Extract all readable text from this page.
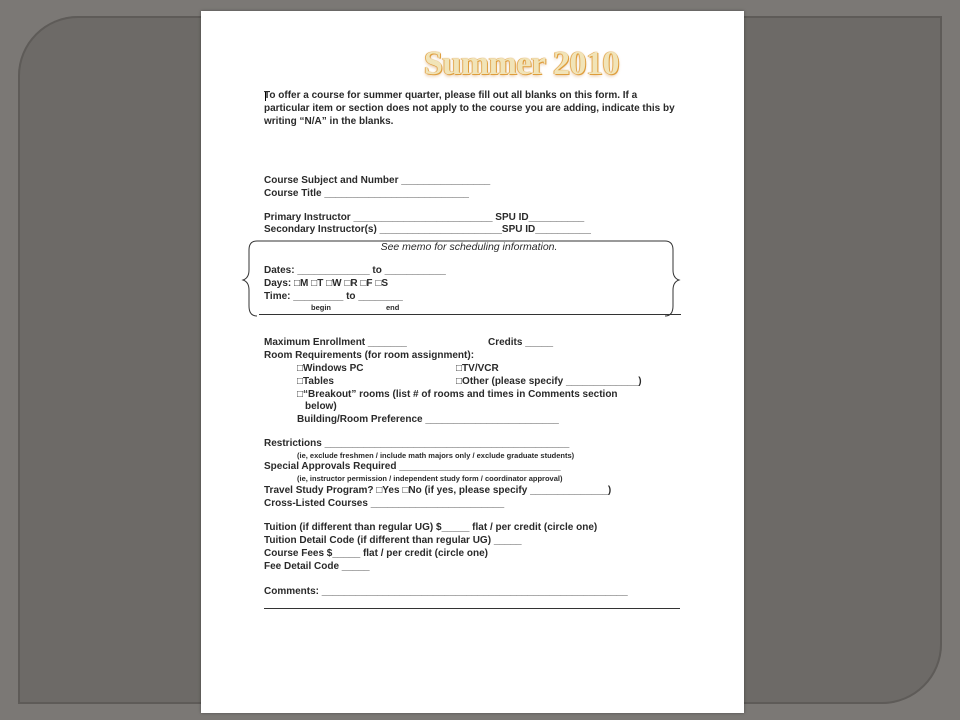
Summer 2010
To offer a course for summer quarter, please fill out all blanks on this form. If a particular item or section does not apply to the course you are adding, indicate this by writing “N/A” in the blanks.
Course Subject and Number ________________
Course Title __________________________
Primary Instructor _________________________ SPU ID__________
Secondary Instructor(s) ______________________SPU ID__________
See memo for scheduling information.
Dates: _____________ to ___________
Days: □M □T □W □R □F □S
Time: _________ to ________
begin	end
Maximum Enrollment _______	Credits _____
Room Requirements (for room assignment):
□Windows PC	□TV/VCR
□Tables	□Other (please specify _____________)
□“Breakout” rooms (list # of rooms and times in Comments section
below)
Building/Room Preference ________________________
Restrictions ____________________________________________
(ie, exclude freshmen / include math majors only / exclude graduate students)
Special Approvals Required _____________________________
(ie, instructor permission / independent study form / coordinator approval)
Travel Study Program? □Yes □No (if yes, please specify ______________)
Cross-Listed Courses ________________________
Tuition (if different than regular UG) $_____ flat / per credit (circle one)
Tuition Detail Code (if different than regular UG) _____
Course Fees $_____ flat / per credit (circle one)
Fee Detail Code _____
Comments: _______________________________________________________
